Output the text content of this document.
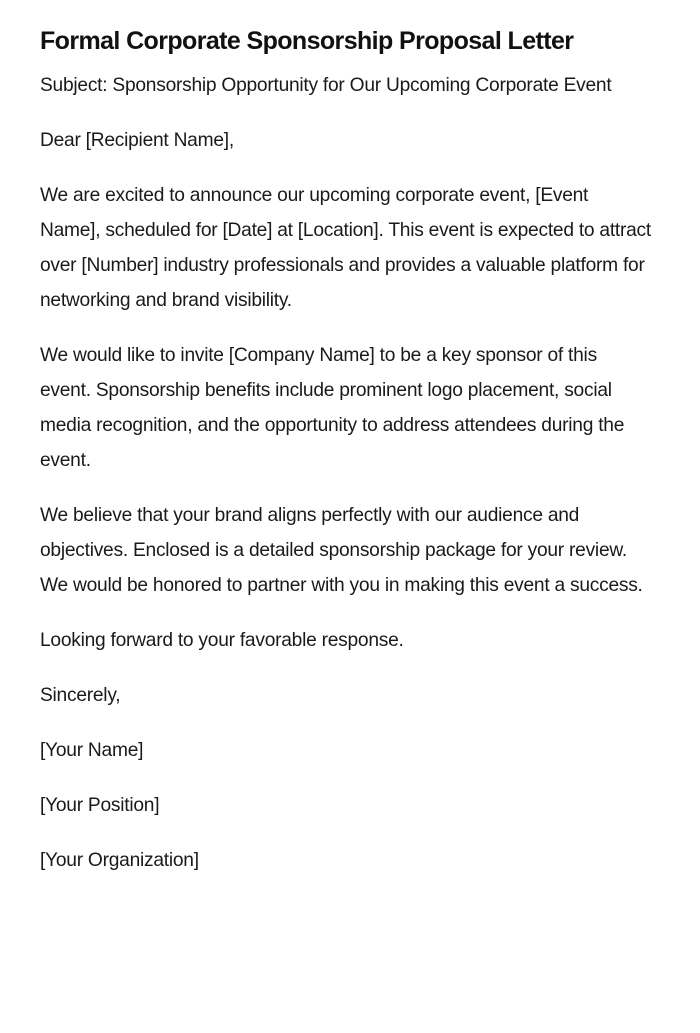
Formal Corporate Sponsorship Proposal Letter

Subject: Sponsorship Opportunity for Our Upcoming Corporate Event

Dear [Recipient Name],

We are excited to announce our upcoming corporate event, [Event Name], scheduled for [Date] at [Location]. This event is expected to attract over [Number] industry professionals and provides a valuable platform for networking and brand visibility.

We would like to invite [Company Name] to be a key sponsor of this event. Sponsorship benefits include prominent logo placement, social media recognition, and the opportunity to address attendees during the event.

We believe that your brand aligns perfectly with our audience and objectives. Enclosed is a detailed sponsorship package for your review. We would be honored to partner with you in making this event a success.

Looking forward to your favorable response.

Sincerely,

[Your Name]

[Your Position]

[Your Organization]
